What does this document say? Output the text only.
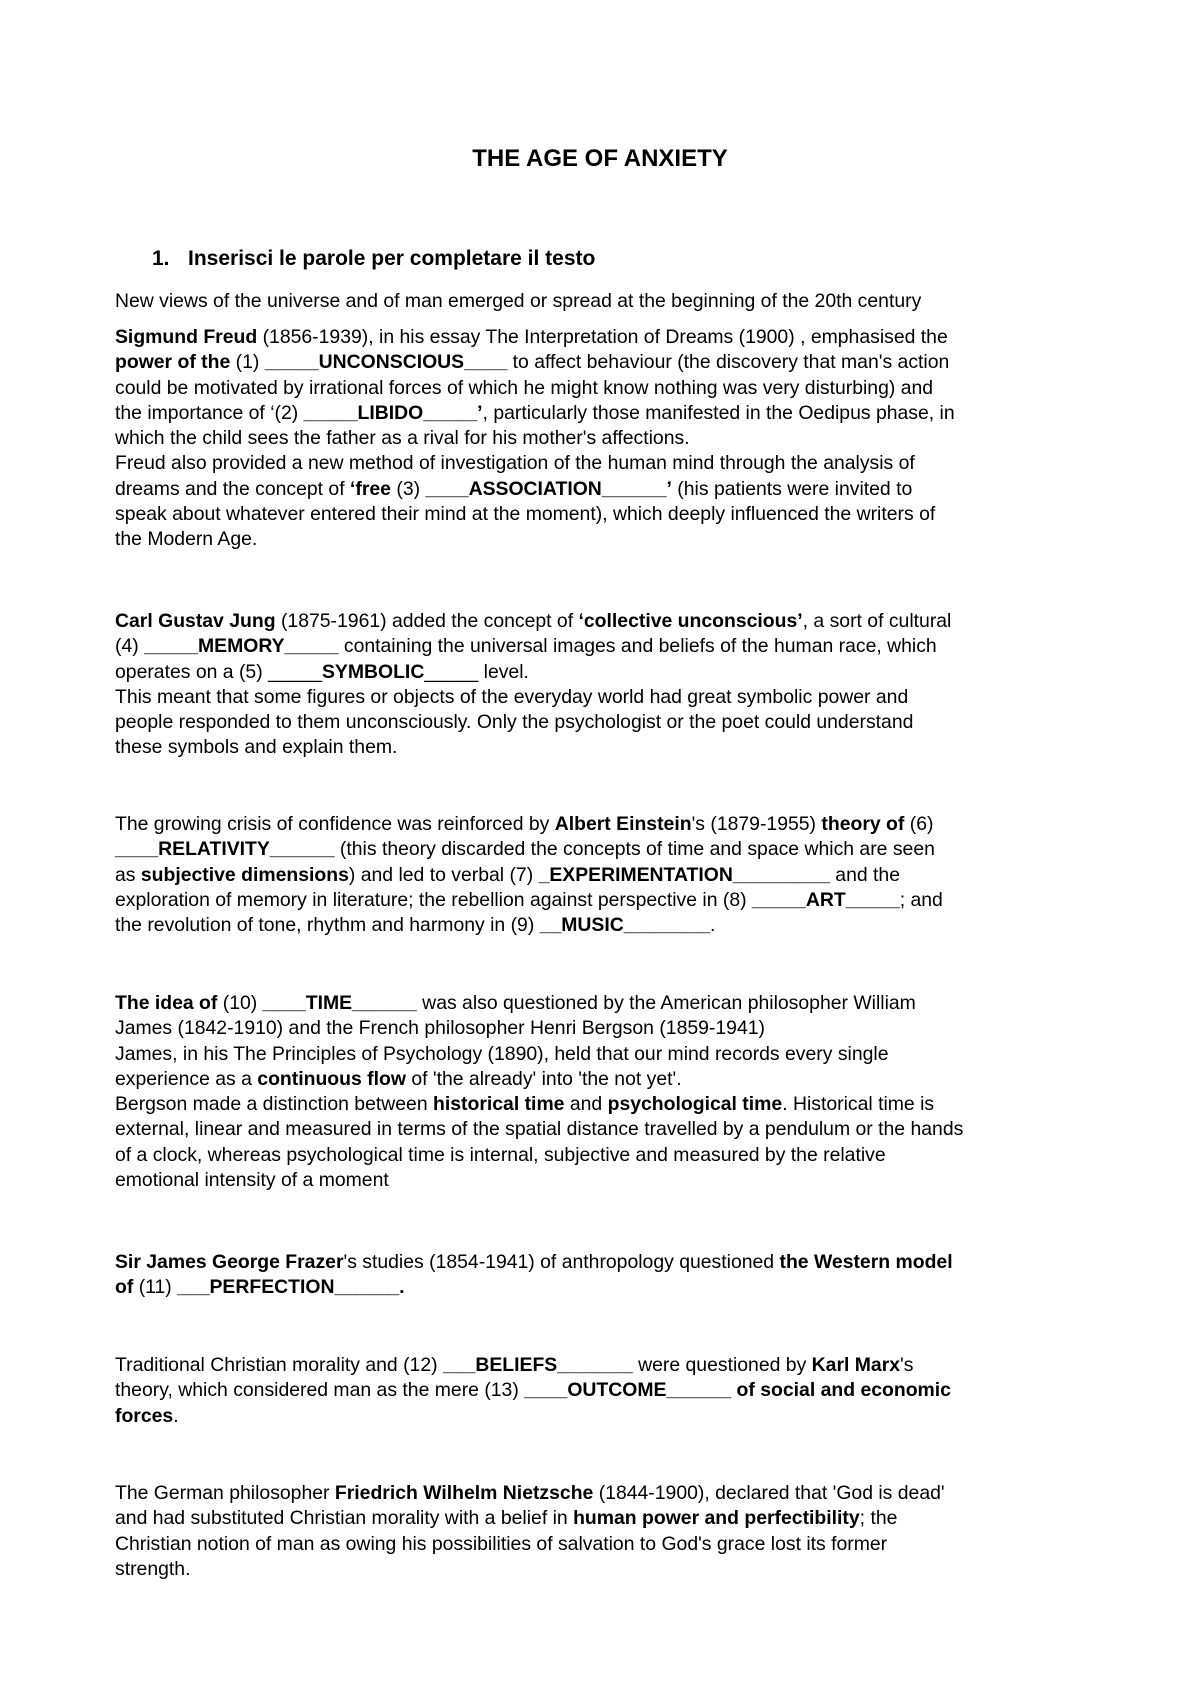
THE AGE OF ANXIETY
1. Inserisci le parole per completare il testo
New views of the universe and of man emerged or spread at the beginning of the 20th century
Sigmund Freud (1856-1939), in his essay The Interpretation of Dreams (1900) , emphasised the
power of the (1) _____UNCONSCIOUS____ to affect behaviour (the discovery that man's action
could be motivated by irrational forces of which he might know nothing was very disturbing) and
the importance of ‘(2) _____LIBIDO_____’, particularly those manifested in the Oedipus phase, in
which the child sees the father as a rival for his mother's affections.
Freud also provided a new method of investigation of the human mind through the analysis of
dreams and the concept of ‘free (3) ____ASSOCIATION______’ (his patients were invited to
speak about whatever entered their mind at the moment), which deeply influenced the writers of
the Modern Age.
Carl Gustav Jung (1875-1961) added the concept of ‘collective unconscious’, a sort of cultural
(4) _____MEMORY_____ containing the universal images and beliefs of the human race, which
operates on a (5) _____SYMBOLIC_____ level.
This meant that some figures or objects of the everyday world had great symbolic power and
people responded to them unconsciously. Only the psychologist or the poet could understand
these symbols and explain them.
The growing crisis of confidence was reinforced by Albert Einstein's (1879-1955) theory of (6)
____RELATIVITY______ (this theory discarded the concepts of time and space which are seen
as subjective dimensions) and led to verbal (7) _EXPERIMENTATION_________ and the
exploration of memory in literature; the rebellion against perspective in (8) _____ART_____; and
the revolution of tone, rhythm and harmony in (9) __MUSIC________.
The idea of (10) ____TIME______ was also questioned by the American philosopher William
James (1842-1910) and the French philosopher Henri Bergson (1859-1941)
James, in his The Principles of Psychology (1890), held that our mind records every single
experience as a continuous flow of 'the already' into 'the not yet'.
Bergson made a distinction between historical time and psychological time. Historical time is
external, linear and measured in terms of the spatial distance travelled by a pendulum or the hands
of a clock, whereas psychological time is internal, subjective and measured by the relative
emotional intensity of a moment
Sir James George Frazer's studies (1854-1941) of anthropology questioned the Western model
of (11) ___PERFECTION______.
Traditional Christian morality and (12) ___BELIEFS_______ were questioned by Karl Marx's
theory, which considered man as the mere (13) ____OUTCOME______ of social and economic
forces.
The German philosopher Friedrich Wilhelm Nietzsche (1844-1900), declared that 'God is dead'
and had substituted Christian morality with a belief in human power and perfectibility; the
Christian notion of man as owing his possibilities of salvation to God's grace lost its former
strength.
